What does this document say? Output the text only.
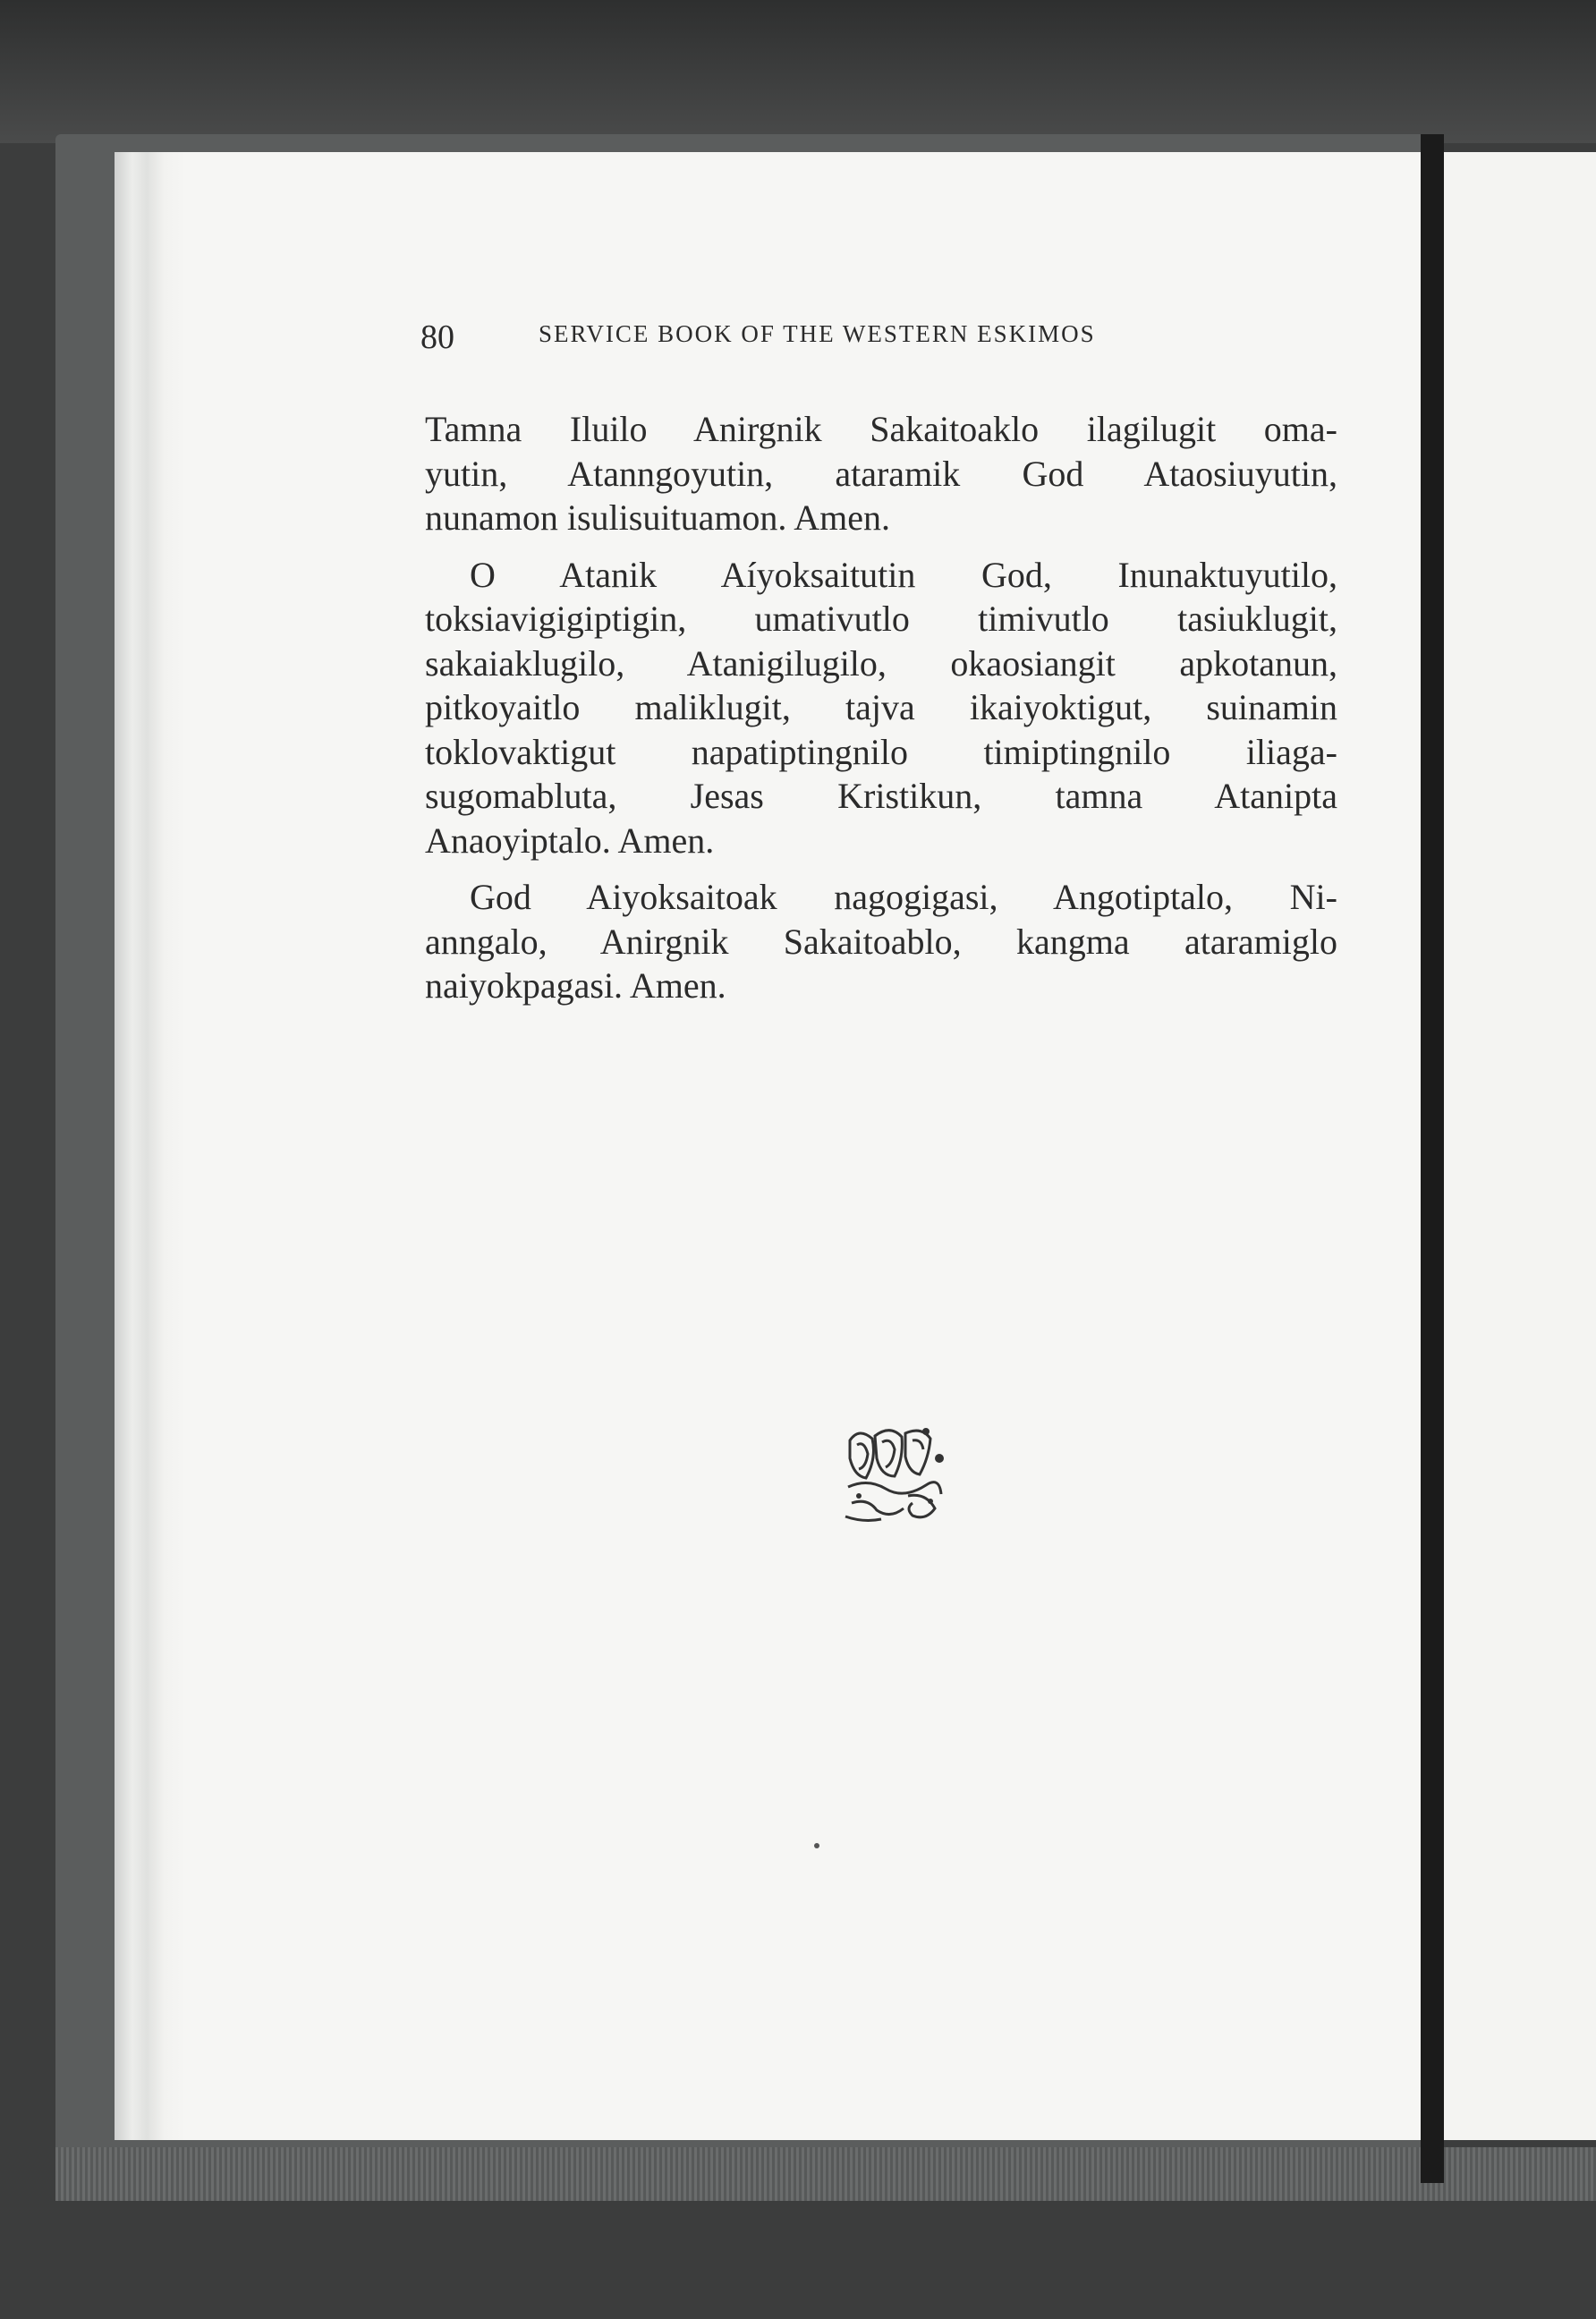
80	SERVICE BOOK OF THE WESTERN ESKIMOS
Tamna Iluilo Anirgnik Sakaitoaklo ilagilugit oma-
yutin, Atanngoyutin, ataramik God Ataosiuyutin,
nunamon isulisuituamon. Amen.
O Atanik Aíyoksaitutin God, Inunaktuyutilo,
toksiavigigiptigin, umativutlo timivutlo tasiuklugit,
sakaiaklugilo, Atanigilugilo, okaosiangit apkotanun,
pitkoyaitlo maliklugit, tajva ikaiyoktigut, suinamin
toklovaktigut napatiptingnilo timiptingnilo iliaga-
sugomabluta, Jesas Kristikun, tamna Atanipta
Anaoyiptalo. Amen.
God Aiyoksaitoak nagogigasi, Angotiptalo, Ni-
anngalo, Anirgnik Sakaitoablo, kangma ataramiglo
naiyokpagasi. Amen.
